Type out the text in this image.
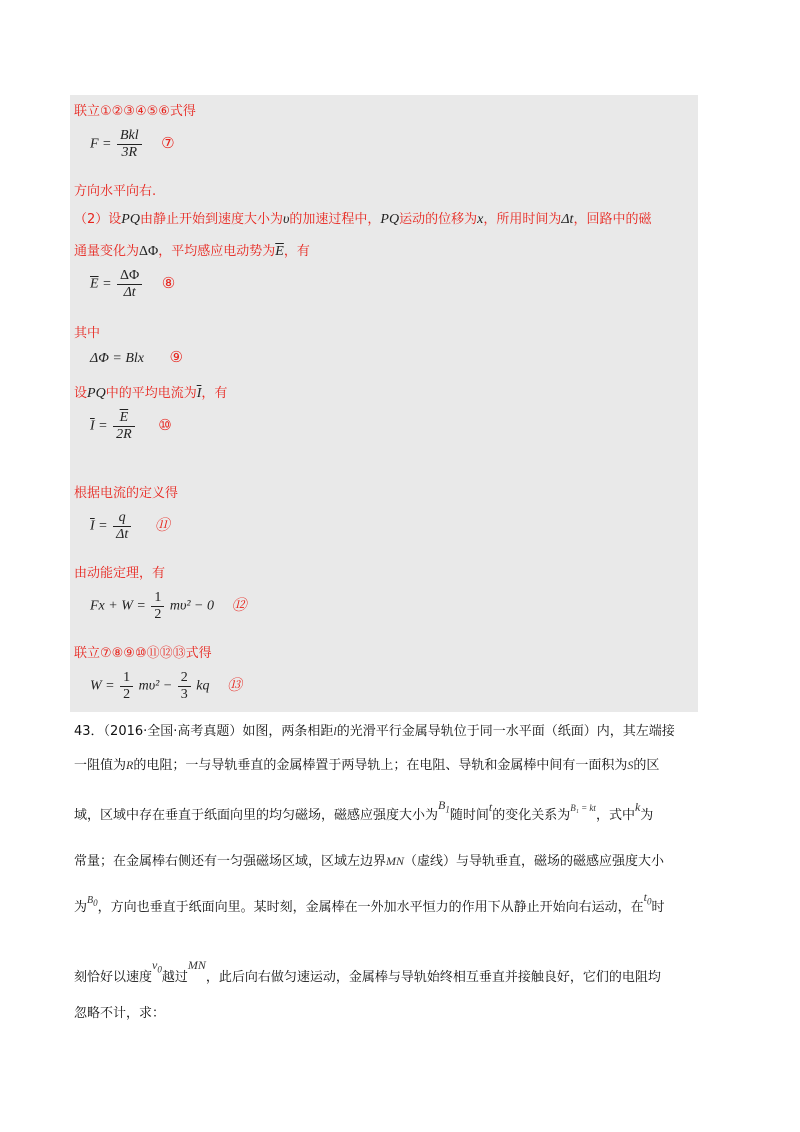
联立①②③④⑤⑥式得
$F = \frac{\text{Bkl}}{3R}$ ⑦
方向水平向右.
（2）设PQ由静止开始到速度大小为υ的加速过程中，PQ运动的位移为x，所用时间为Δt，回路中的磁
通量变化为ΔΦ，平均感应电动势为$\overline{E}$，有
$\overline{E} = \frac{\Delta\Phi}{\Delta t}$ ⑧
其中
ΔΦ = Blx ⑨
设PQ中的平均电流为$\overline{I}$，有
$\overline{I} = \frac{\overline{E}}{2R}$ ⑩
根据电流的定义得
$\overline{I} = \frac{q}{\Delta t}$ ⑪
由动能定理，有
$Fx + W = \frac{1}{2} m\upsilon^2 - 0$ ⑫
联立⑦⑧⑨⑩⑪⑫⑬式得
$W = \frac{1}{2} m\upsilon^2 - \frac{2}{3}$ kq ⑬
43．（2016·全国·高考真题）如图，两条相距l的光滑平行金属导轨位于同一水平面（纸面）内，其左端接
一阻值为R的电阻；一与导轨垂直的金属棒置于两导轨上；在电阻、导轨和金属棒中间有一面积为S的区
域，区域中存在垂直于纸面向里的均匀磁场，磁感应强度大小为$B_1$随时间t的变化关系为$^{B_1 = kt}$，式中k为
常量；在金属棒右侧还有一匀强磁场区域，区域左边界MN（虚线）与导轨垂直，磁场的磁感应强度大小
为$^{B0}$，方向也垂直于纸面向里。某时刻，金属棒在一外加水平恒力的作用下从静止开始向右运动，在$t_0$时
刻恰好以速度$v_0$越过MN，此后向右做匀速运动，金属棒与导轨始终相互垂直并接触良好，它们的电阻均
忽略不计，求：
